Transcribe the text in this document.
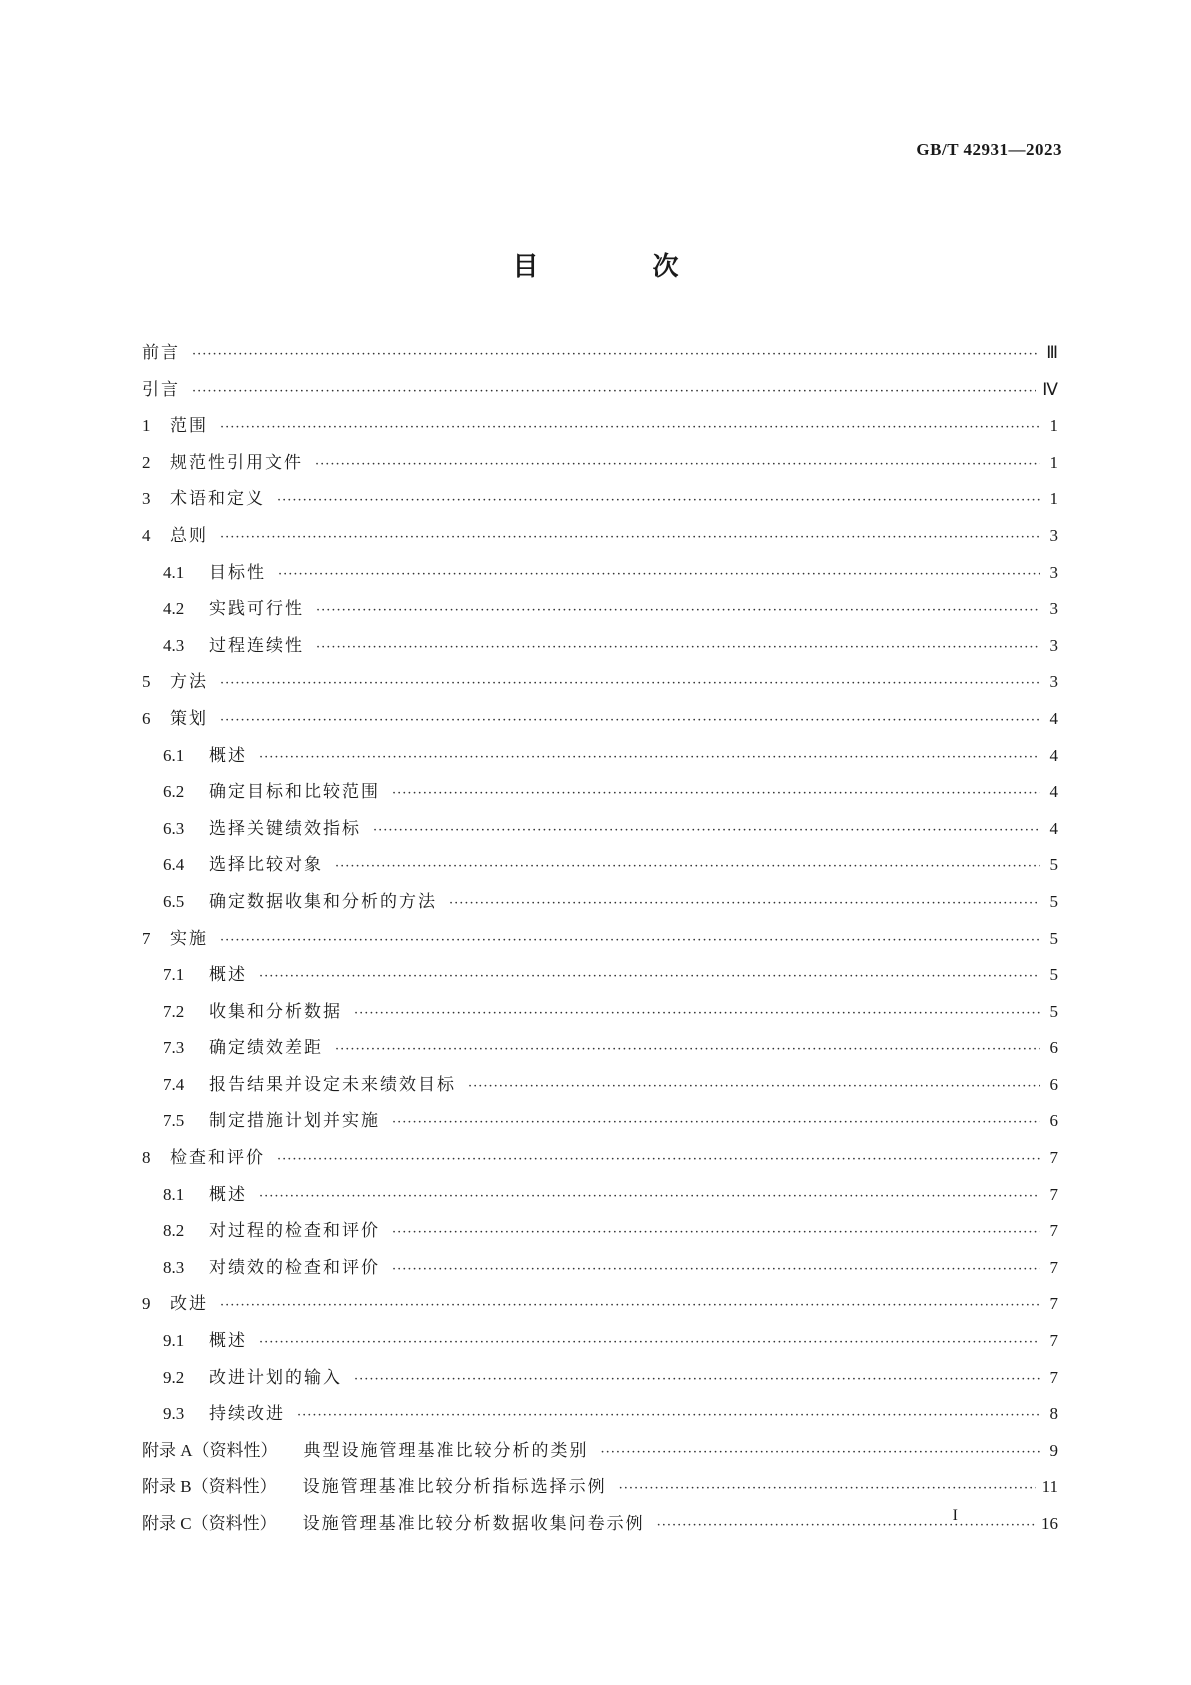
GB/T 42931—2023
目　次
前言 ·····	Ⅲ
引言 ·····	Ⅳ
1	范围 ·····	1
2	规范性引用文件 ·····	1
3	术语和定义 ·····	1
4	总则 ·····	3
4.1	目标性 ·····	3
4.2	实践可行性 ·····	3
4.3	过程连续性 ·····	3
5	方法 ·····	3
6	策划 ·····	4
6.1	概述 ·····	4
6.2	确定目标和比较范围 ·····	4
6.3	选择关键绩效指标 ·····	4
6.4	选择比较对象 ·····	5
6.5	确定数据收集和分析的方法 ·····	5
7	实施 ·····	5
7.1	概述 ·····	5
7.2	收集和分析数据 ·····	5
7.3	确定绩效差距 ·····	6
7.4	报告结果并设定未来绩效目标 ·····	6
7.5	制定措施计划并实施 ·····	6
8	检查和评价 ·····	7
8.1	概述 ·····	7
8.2	对过程的检查和评价 ·····	7
8.3	对绩效的检查和评价 ·····	7
9	改进 ·····	7
9.1	概述 ·····	7
9.2	改进计划的输入 ·····	7
9.3	持续改进 ·····	8
附录 A（资料性） 典型设施管理基准比较分析的类别 ·····	9
附录 B（资料性） 设施管理基准比较分析指标选择示例 ·····	11
附录 C（资料性） 设施管理基准比较分析数据收集问卷示例 ·····	16
I
